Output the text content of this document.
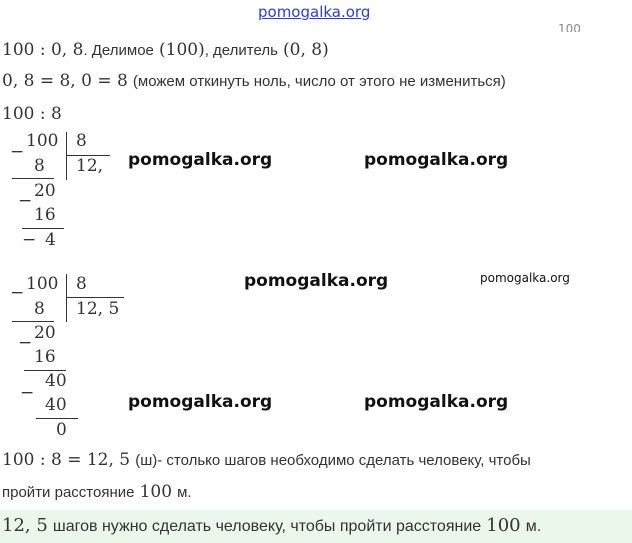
pomogalka.org
100
100 : 0, 8. Делимое (100), делитель (0, 8)
0, 8 = 8, 0 = 8 (можем откинуть ноль, число от этого не измениться)
100 : 8
−
100 8
8 12,
− 20
16
− 4
pomogalka.org	pomogalka.org
− 100 8
8 12, 5
− 20
16
40
−
40
0
pomogalka.org	pomogalka.org
pomogalka.org	pomogalka.org
100 : 8 = 12, 5 (ш)- столько шагов необходимо сделать человеку, чтобы
пройти расстояние 100 м.
12, 5 шагов нужно сделать человеку, чтобы пройти расстояние 100 м.
